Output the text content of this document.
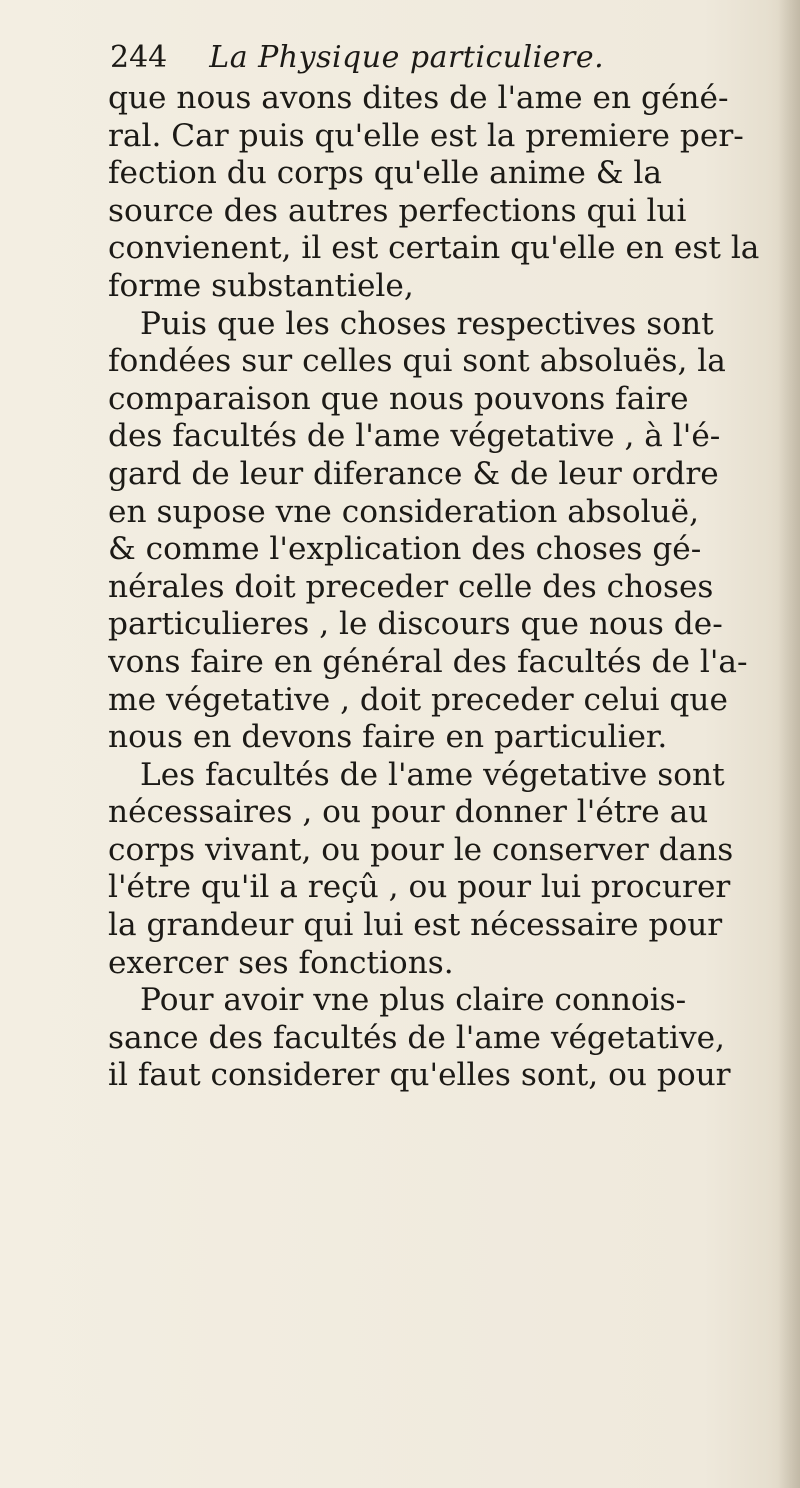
244 La Physique particuliere.
que nous avons dites de l'ame en géné-
ral. Car puis qu'elle est la premiere per-
fection du corps qu'elle anime & la
source des autres perfections qui lui
convienent, il est certain qu'elle en est la
forme substantiele,
Puis que les choses respectives sont
fondées sur celles qui sont absoluës, la
comparaison que nous pouvons faire
des facultés de l'ame végetative , à l'é-
gard de leur diferance & de leur ordre
en supose vne consideration absoluë,
& comme l'explication des choses gé-
nérales doit preceder celle des choses
particulieres , le discours que nous de-
vons faire en général des facultés de l'a-
me végetative , doit preceder celui que
nous en devons faire en particulier.
Les facultés de l'ame végetative sont
nécessaires , ou pour donner l'étre au
corps vivant, ou pour le conserver dans
l'étre qu'il a reçû , ou pour lui procurer
la grandeur qui lui est nécessaire pour
exercer ses fonctions.
Pour avoir vne plus claire connois-
sance des facultés de l'ame végetative,
il faut considerer qu'elles sont, ou pour
